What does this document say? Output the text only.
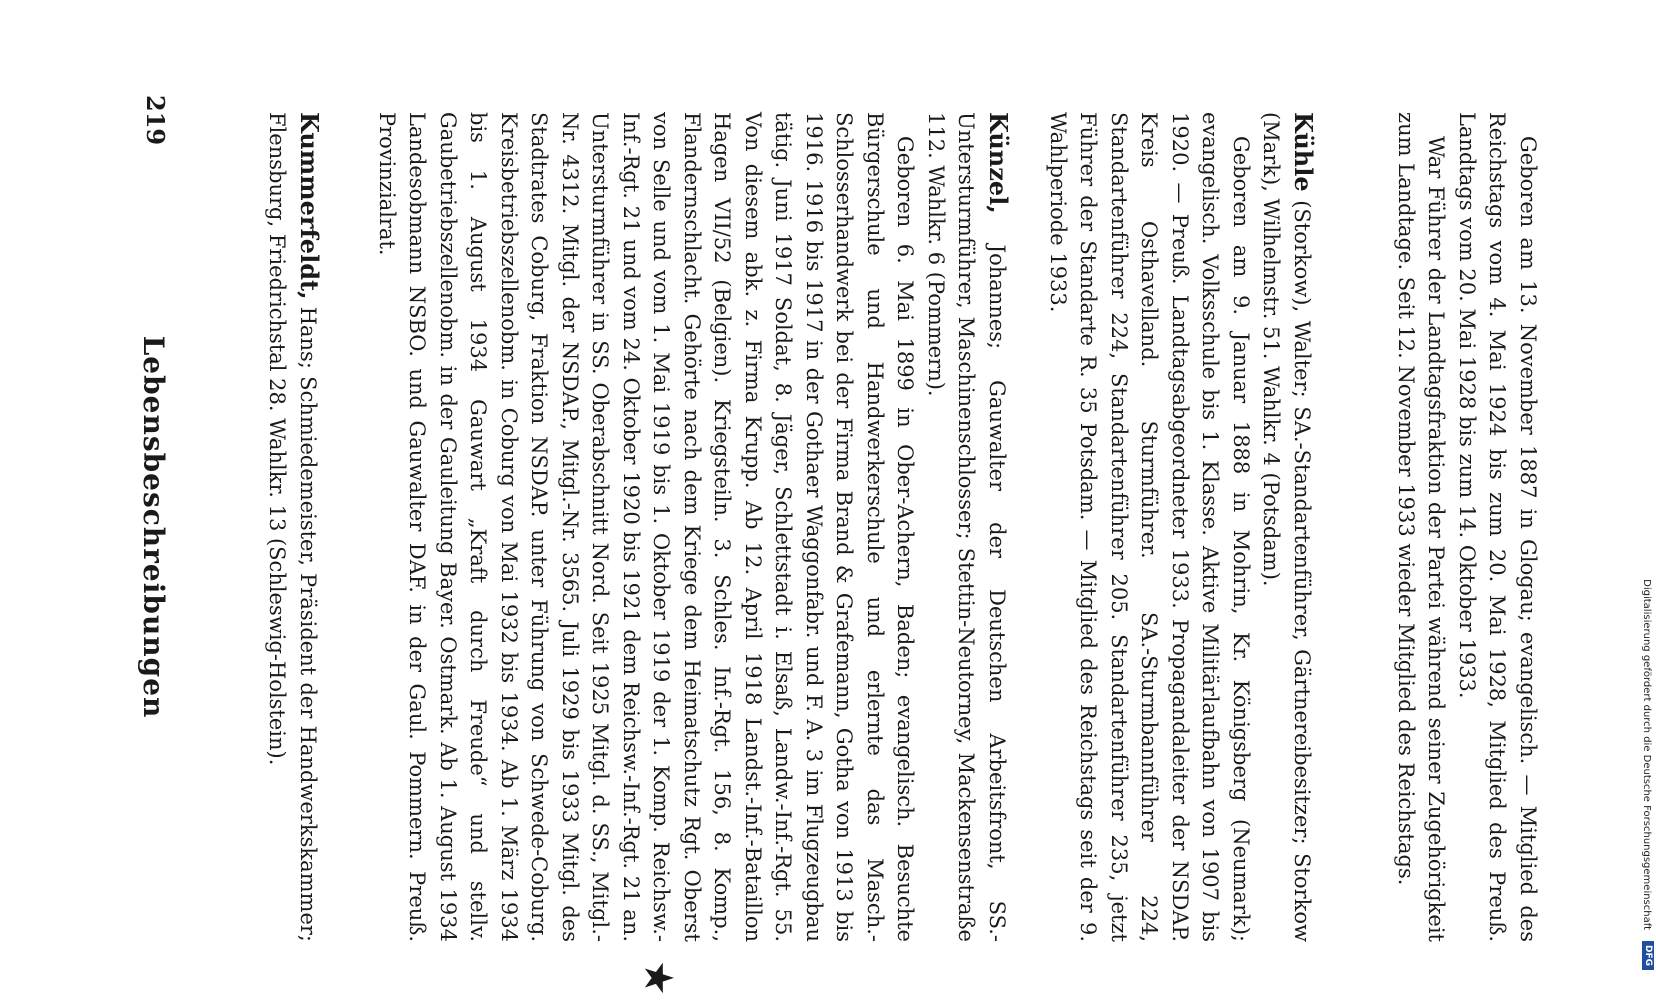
Digitalisierung gefördert durch die Deutsche Forschungsgemeinschaft
DFG
Lebensbeschreibungen
219
★

Geboren am 13. November 1887 in Glogau; evangelisch. — Mitglied des Reichstags vom 4. Mai 1924 bis zum 20. Mai 1928, Mitglied des Preuß. Landtags vom 20. Mai 1928 bis zum 14. Oktober 1933.

War Führer der Landtagsfraktion der Partei während seiner Zugehörigkeit zum Landtage. Seit 12. November 1933 wieder Mitglied des Reichstags.

Kühle (Storkow), Walter; SA.-Standartenführer, Gärtnereibesitzer; Storkow (Mark), Wilhelmstr. 51. Wahlkr. 4 (Potsdam).

Geboren am 9. Januar 1888 in Mohrin, Kr. Königsberg (Neumark); evangelisch. Volksschule bis 1. Klasse. Aktive Militärlaufbahn von 1907 bis 1920. — Preuß. Landtagsabgeordneter 1933. Propagandaleiter der NSDAP. Kreis Osthavelland. Sturmführer. SA.-Sturmbannführer 224, Standartenführer 224, Standartenführer 205. Standartenführer 235, jetzt Führer der Standarte R. 35 Potsdam. — Mitglied des Reichstags seit der 9. Wahlperiode 1933.

Künzel, Johannes; Gauwalter der Deutschen Arbeitsfront, SS.-Untersturmführer, Maschinenschlosser; Stettin-Neutorney, Mackensenstraße 112. Wahlkr. 6 (Pommern).

Geboren 6. Mai 1899 in Ober-Achern, Baden; evangelisch. Besuchte Bürgerschule und Handwerkerschule und erlernte das Masch.-Schlosserhandwerk bei der Firma Brand & Grafemann, Gotha von 1913 bis 1916. 1916 bis 1917 in der Gothaer Waggonfabr. und F. A. 3 im Flugzeugbau tätig. Juni 1917 Soldat, 8. Jäger, Schlettstadt i. Elsaß, Landw.-Inf.-Rgt. 55. Von diesem abk. z. Firma Krupp. Ab 12. April 1918 Landst.-Inf.-Bataillon Hagen VII/52 (Belgien). Kriegsteiln. 3. Schles. Inf.-Rgt. 156, 8. Komp., Flandernschlacht. Gehörte nach dem Kriege dem Heimatschutz Rgt. Oberst von Selle und vom 1. Mai 1919 bis 1. Oktober 1919 der 1. Komp. Reichsw.-Inf.-Rgt. 21 und vom 24. Oktober 1920 bis 1921 dem Reichsw.-Inf.-Rgt. 21 an. Untersturmführer in SS. Oberabschnitt Nord. Seit 1925 Mitgl. d. SS., Mitgl.-Nr. 4312. Mitgl. der NSDAP., Mitgl.-Nr. 3565. Juli 1929 bis 1933 Mitgl. des Stadtrates Coburg, Fraktion NSDAP. unter Führung von Schwede-Coburg. Kreisbetriebszellenobm. in Coburg von Mai 1932 bis 1934. Ab 1. März 1934 bis 1. August 1934 Gauwart „Kraft durch Freude“ und stellv. Gaubetriebszellenobm. in der Gauleitung Bayer. Ostmark. Ab 1. August 1934 Landesobmann NSBO. und Gauwalter DAF. in der Gaul. Pommern. Preuß. Provinzialrat.

Kummerfeldt, Hans; Schmiedemeister, Präsident der Handwerkskammer; Flensburg, Friedrichstal 28. Wahlkr. 13 (Schleswig-Holstein).
